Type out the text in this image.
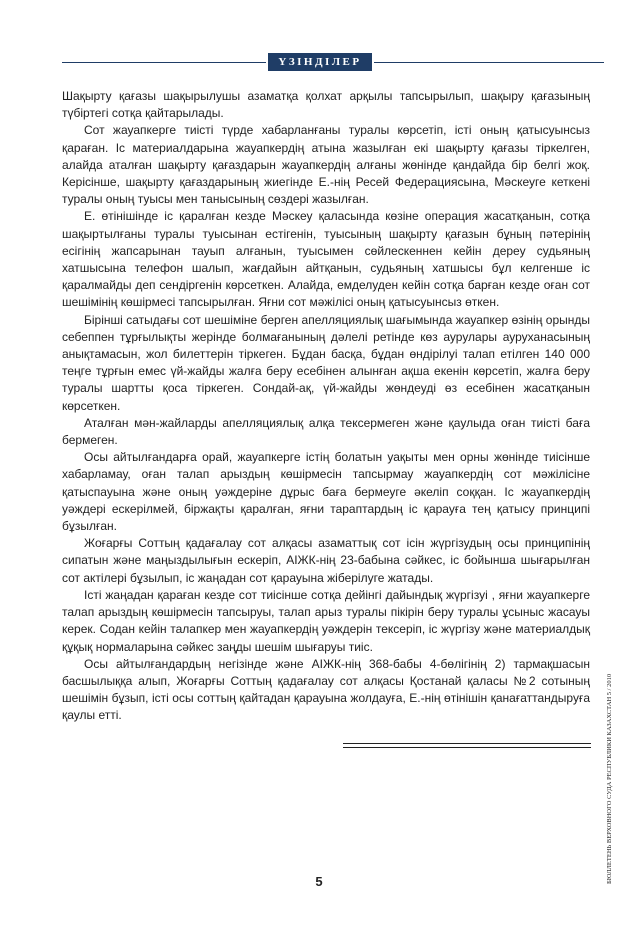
ҮЗІНДІЛЕР

Шақырту қағазы шақырылушы азаматқа қолхат арқылы тапсырылып, шақыру қағазының түбіртегі сотқа қайтарылады.

Сот жауапкерге тиісті түрде хабарланғаны туралы көрсетіп, істі оның қатысуынсыз қараған. Іс материалдарына жауапкердің атына жазылған екі шақырту қағазы тіркелген, алайда аталған шақырту қағаздарын жауапкердің алғаны жөнінде қандайда бір белгі жоқ. Керісінше, шақырту қағаздарының жиегінде Е.-нің Ресей Федерациясына, Мәскеуге кеткені туралы оның туысы мен танысының сөздері жазылған.

Е. өтінішінде іс қаралған кезде Мәскеу қаласында көзіне операция жасатқанын, сотқа шақыртылғаны туралы туысынан естігенін, туысының шақырту қағазын бұның пәтерінің есігінің жапсарынан тауып алғанын, туысымен сөйлескеннен кейін дереу судьяның хатшысына телефон шалып, жағдайын айтқанын, судьяның хатшысы бұл келгенше іс қаралмайды деп сендіргенін көрсеткен. Алайда, емделуден кейін сотқа барған кезде оған сот шешімінің көшірмесі тапсырылған. Яғни сот мәжілісі оның қатысуынсыз өткен.

Бірінші сатыдағы сот шешіміне берген апелляциялық шағымында жауапкер өзінің орынды себеппен тұрғылықты жерінде болмағанының дәлелі ретінде көз аурулары ауруханасының анықтамасын, жол билеттерін тіркеген. Бұдан басқа, бұдан өндірілуі талап етілген 140 000 теңге тұрғын емес үй-жайды жалға беру есебінен алынған ақша екенін көрсетіп, жалға беру туралы шартты қоса тіркеген. Сондай-ақ, үй-жайды жөндеуді өз есебінен жасатқанын көрсеткен.

Аталған мән-жайларды апелляциялық алқа тексермеген және қаулыда оған тиісті баға бермеген.

Осы айтылғандарға орай, жауапкерге істің болатын уақыты мен орны жөнінде тиісінше хабарламау, оған талап арыздың көшірмесін тапсырмау жауапкердің сот мәжілісіне қатыспауына және оның уәждеріне дұрыс баға бермеуге әкеліп соққан. Іс жауапкердің уәждері ескерілмей, біржақты қаралған, яғни тараптардың іс қарауға тең қатысу принципі бұзылған.

Жоғарғы Соттың қадағалау сот алқасы азаматтық сот ісін жүргізудың осы принципінің сипатын және маңыздылығын ескеріп, АІЖК-нің 23-бабына сәйкес, іс бойынша шығарылған сот актілері бұзылып, іс жаңадан сот қарауына жіберілуге жатады.

Істі жаңадан қараған кезде сот тиісінше сотқа дейінгі дайындық жүргізуі , яғни жауапкерге талап арыздың көшірмесін тапсыруы, талап арыз туралы пікірін беру туралы ұсыныс жасауы керек. Содан кейін талапкер мен жауапкердің уәждерін тексеріп, іс жүргізу және материалдық құқық нормаларына сәйкес заңды шешім шығаруы тиіс.

Осы айтылғандардың негізінде және АІЖК-нің 368-бабы 4-бөлігінің 2) тармақшасын басшылыққа алып, Жоғарғы Соттың қадағалау сот алқасы Қостанай қаласы №2 сотының шешімін бұзып, істі осы соттың қайтадан қарауына жолдауға, Е.-нің өтінішін қанағаттандыруға қаулы етті.

5	БЮЛЛЕТЕНЬ ВЕРХОВНОГО СУДА РЕСПУБЛИКИ КАЗАХСТАН 5 / 2010
